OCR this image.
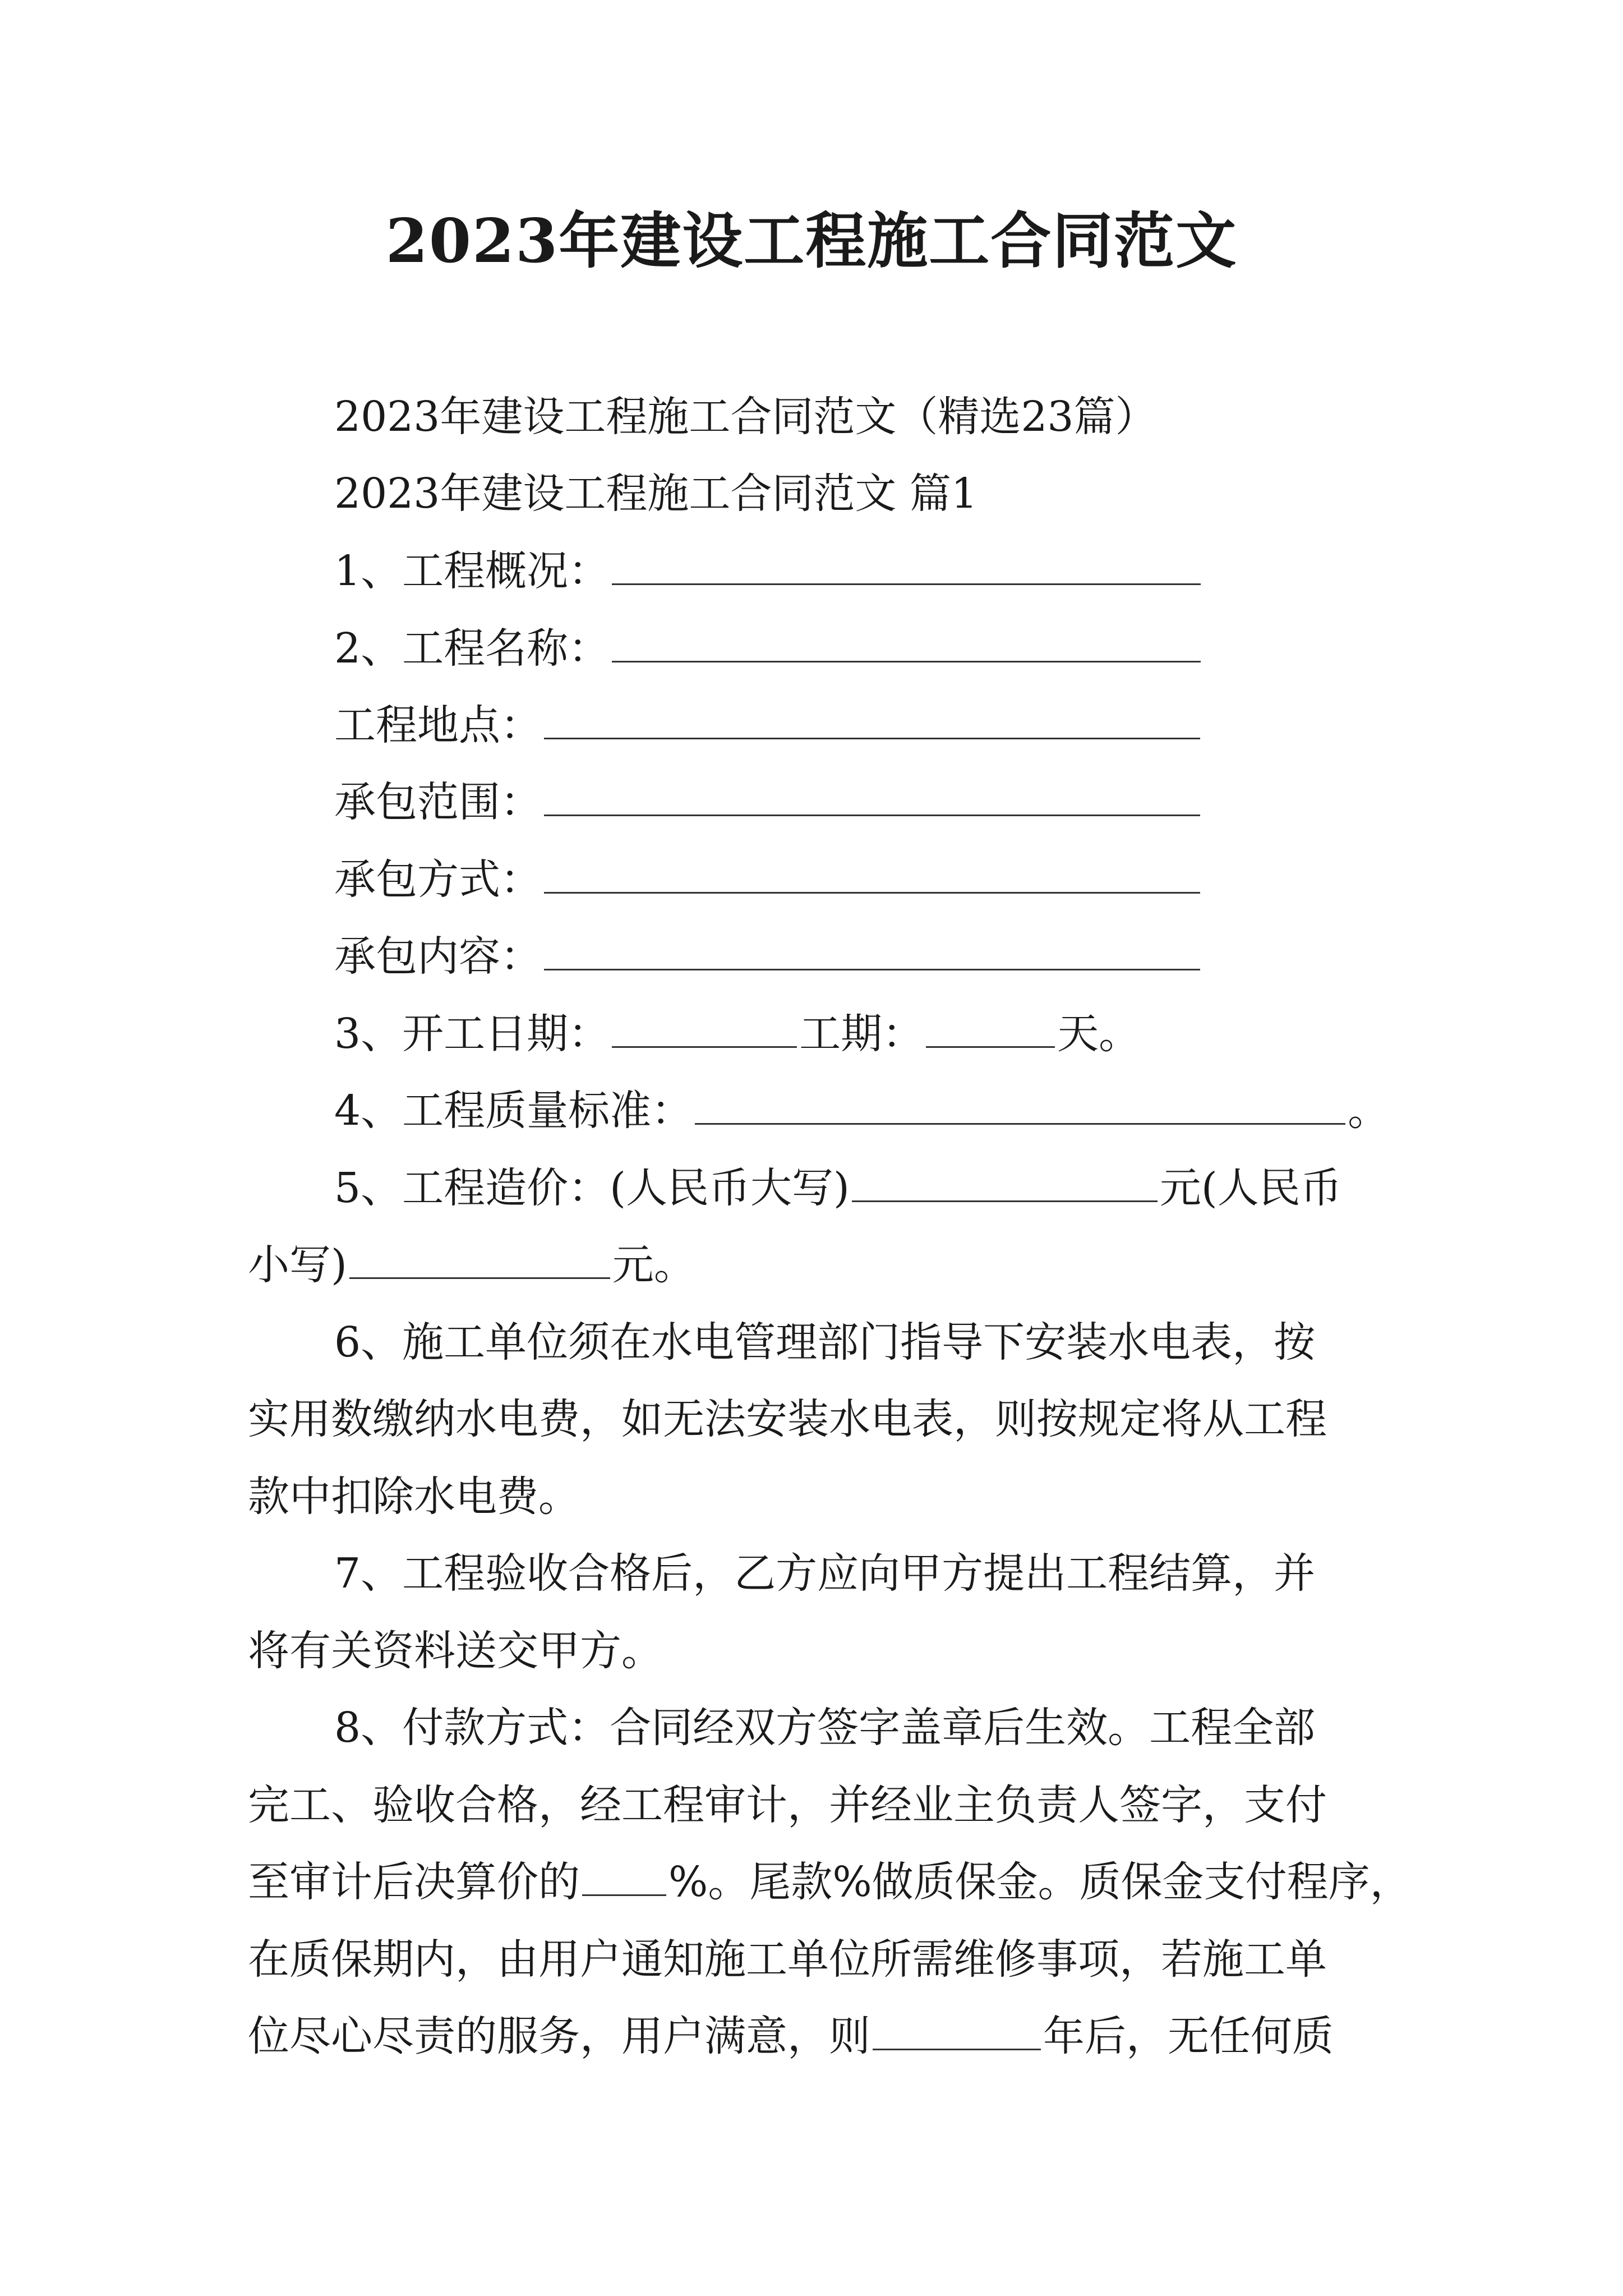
2023年建设工程施工合同范文
2023年建设工程施工合同范文（精选23篇）
2023年建设工程施工合同范文 篇1
1、工程概况：
2、工程名称：
工程地点：
承包范围：
承包方式：
承包内容：
3、开工日期：	工期：	天。
4、工程质量标准：	。
5、工程造价：(人民币大写)	元(人民币
小写)	元。
6、施工单位须在水电管理部门指导下安装水电表，按
实用数缴纳水电费，如无法安装水电表，则按规定将从工程
款中扣除水电费。
7、工程验收合格后，乙方应向甲方提出工程结算，并
将有关资料送交甲方。
8、付款方式：合同经双方签字盖章后生效。工程全部
完工、验收合格，经工程审计，并经业主负责人签字，支付
至审计后决算价的 %。尾款%做质保金。质保金支付程序，
在质保期内，由用户通知施工单位所需维修事项，若施工单
位尽心尽责的服务，用户满意，则	年后，无任何质
